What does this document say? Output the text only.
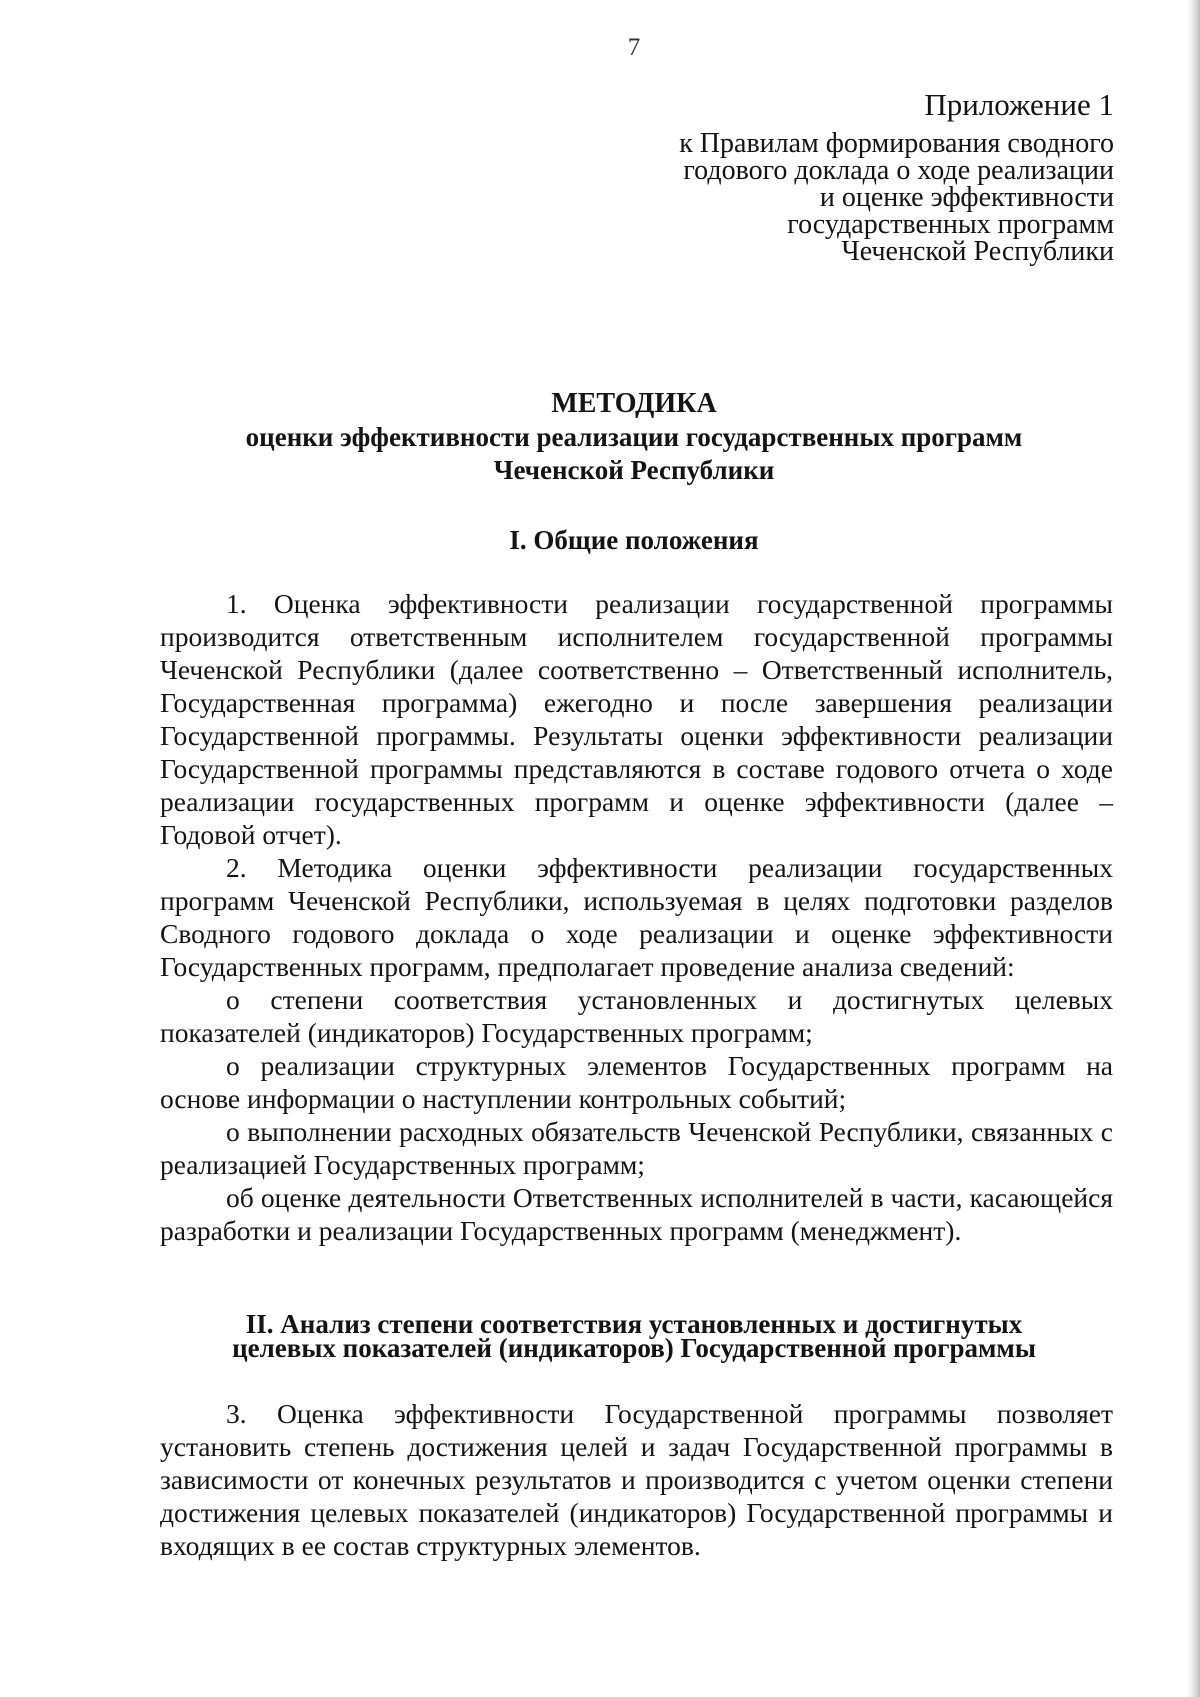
7
Приложение 1
к Правилам формирования сводного
годового доклада о ходе реализации
и оценке эффективности
государственных программ
Чеченской Республики
МЕТОДИКА
оценки эффективности реализации государственных программ
Чеченской Республики
I. Общие положения

1. Оценка эффективности реализации государственной программы производится ответственным исполнителем государственной программы Чеченской Республики (далее соответственно – Ответственный исполнитель, Государственная программа) ежегодно и после завершения реализации Государственной программы. Результаты оценки эффективности реализации Государственной программы представляются в составе годового отчета о ходе реализации государственных программ и оценке эффективности (далее – Годовой отчет).

2. Методика оценки эффективности реализации государственных программ Чеченской Республики, используемая в целях подготовки разделов Сводного годового доклада о ходе реализации и оценке эффективности Государственных программ, предполагает проведение анализа сведений:

о степени соответствия установленных и достигнутых целевых показателей (индикаторов) Государственных программ;

о реализации структурных элементов Государственных программ на основе информации о наступлении контрольных событий;

о выполнении расходных обязательств Чеченской Республики, связанных с реализацией Государственных программ;

об оценке деятельности Ответственных исполнителей в части, касающейся разработки и реализации Государственных программ (менеджмент).

II. Анализ степени соответствия установленных и достигнутых
целевых показателей (индикаторов) Государственной программы

3. Оценка эффективности Государственной программы позволяет установить степень достижения целей и задач Государственной программы в зависимости от конечных результатов и производится с учетом оценки степени достижения целевых показателей (индикаторов) Государственной программы и входящих в ее состав структурных элементов.
